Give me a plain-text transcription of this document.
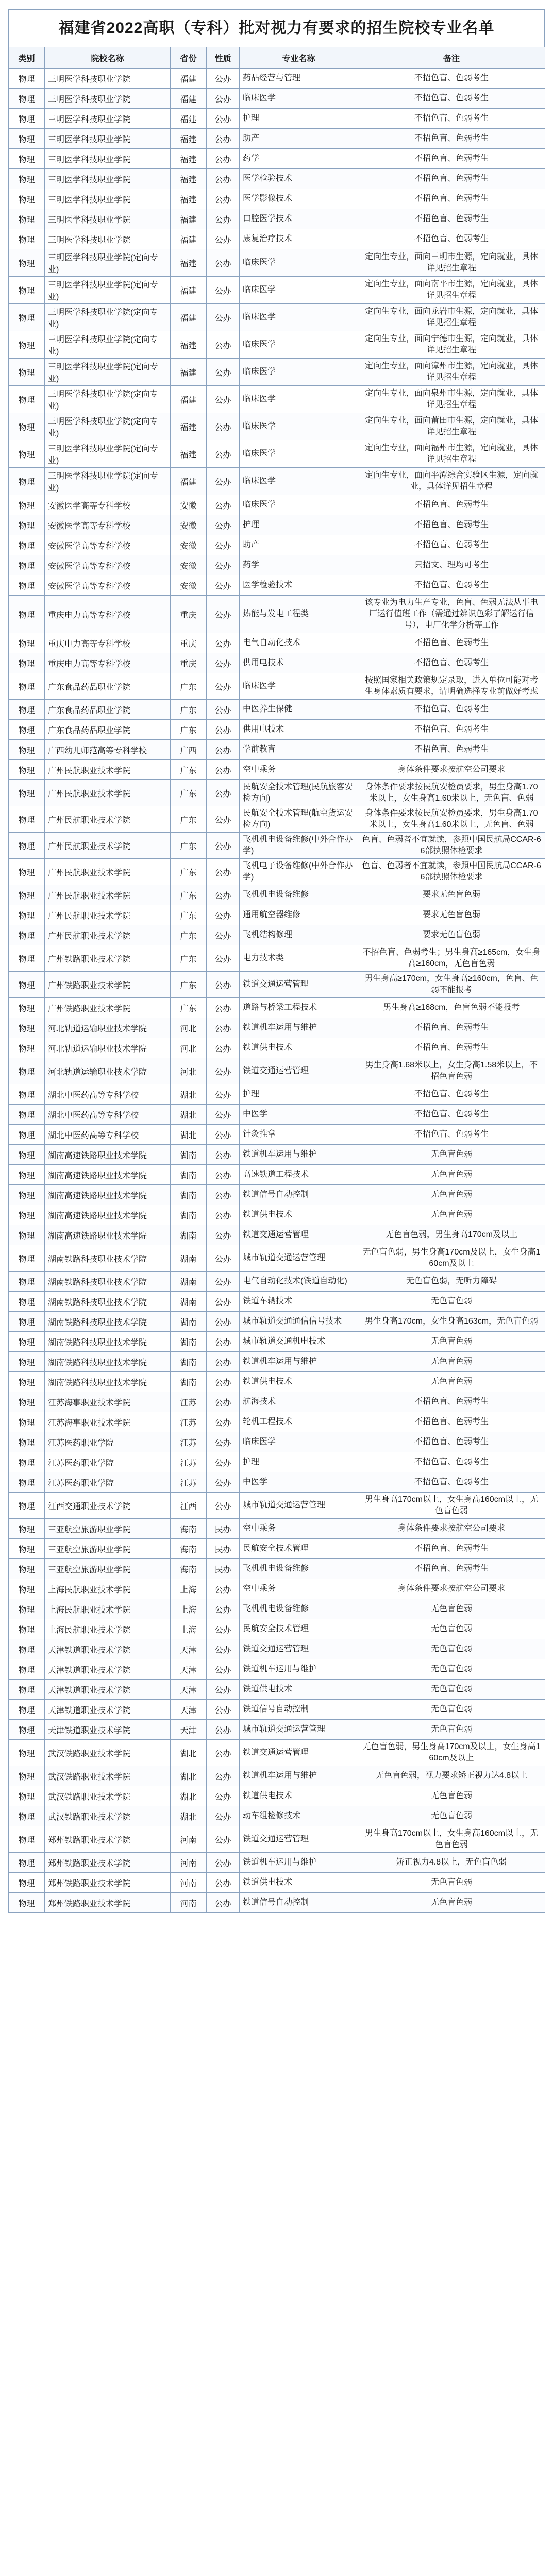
福建省2022高职（专科）批对视力有要求的招生院校专业名单
类别	院校名称	省份	性质	专业名称	备注
物理	三明医学科技职业学院	福建	公办	药品经营与管理	不招色盲、色弱考生
物理	三明医学科技职业学院	福建	公办	临床医学	不招色盲、色弱考生
物理	三明医学科技职业学院	福建	公办	护理	不招色盲、色弱考生
物理	三明医学科技职业学院	福建	公办	助产	不招色盲、色弱考生
物理	三明医学科技职业学院	福建	公办	药学	不招色盲、色弱考生
物理	三明医学科技职业学院	福建	公办	医学检验技术	不招色盲、色弱考生
物理	三明医学科技职业学院	福建	公办	医学影像技术	不招色盲、色弱考生
物理	三明医学科技职业学院	福建	公办	口腔医学技术	不招色盲、色弱考生
物理	三明医学科技职业学院	福建	公办	康复治疗技术	不招色盲、色弱考生
物理	三明医学科技职业学院(定向专业)	福建	公办	临床医学	定向生专业，面向三明市生源，定向就业，具体详见招生章程
物理	三明医学科技职业学院(定向专业)	福建	公办	临床医学	定向生专业，面向南平市生源，定向就业，具体详见招生章程
物理	三明医学科技职业学院(定向专业)	福建	公办	临床医学	定向生专业，面向龙岩市生源，定向就业，具体详见招生章程
物理	三明医学科技职业学院(定向专业)	福建	公办	临床医学	定向生专业，面向宁德市生源，定向就业，具体详见招生章程
物理	三明医学科技职业学院(定向专业)	福建	公办	临床医学	定向生专业，面向漳州市生源，定向就业，具体详见招生章程
物理	三明医学科技职业学院(定向专业)	福建	公办	临床医学	定向生专业，面向泉州市生源，定向就业，具体详见招生章程
物理	三明医学科技职业学院(定向专业)	福建	公办	临床医学	定向生专业，面向莆田市生源，定向就业，具体详见招生章程
物理	三明医学科技职业学院(定向专业)	福建	公办	临床医学	定向生专业，面向福州市生源，定向就业，具体详见招生章程
物理	三明医学科技职业学院(定向专业)	福建	公办	临床医学	定向生专业，面向平潭综合实验区生源，定向就业，具体详见招生章程
物理	安徽医学高等专科学校	安徽	公办	临床医学	不招色盲、色弱考生
物理	安徽医学高等专科学校	安徽	公办	护理	不招色盲、色弱考生
物理	安徽医学高等专科学校	安徽	公办	助产	不招色盲、色弱考生
物理	安徽医学高等专科学校	安徽	公办	药学	只招文、理均可考生
物理	安徽医学高等专科学校	安徽	公办	医学检验技术	不招色盲、色弱考生
物理	重庆电力高等专科学校	重庆	公办	热能与发电工程类	该专业为电力生产专业，色盲、色弱无法从事电厂运行值班工作（需通过辨识色彩了解运行信号），电厂化学分析等工作
物理	重庆电力高等专科学校	重庆	公办	电气自动化技术	不招色盲、色弱考生
物理	重庆电力高等专科学校	重庆	公办	供用电技术	不招色盲、色弱考生
物理	广东食品药品职业学院	广东	公办	临床医学	按照国家相关政策规定录取，进入单位可能对考生身体素质有要求，请明确选择专业前做好考虑
物理	广东食品药品职业学院	广东	公办	中医养生保健	不招色盲、色弱考生
物理	广东食品药品职业学院	广东	公办	供用电技术	不招色盲、色弱考生
物理	广西幼儿师范高等专科学校	广西	公办	学前教育	不招色盲、色弱考生
物理	广州民航职业技术学院	广东	公办	空中乘务	身体条件要求按航空公司要求
物理	广州民航职业技术学院	广东	公办	民航安全技术管理(民航旅客安检方向)	身体条件要求按民航安检员要求，男生身高1.70米以上，女生身高1.60米以上，无色盲、色弱
物理	广州民航职业技术学院	广东	公办	民航安全技术管理(航空货运安检方向)	身体条件要求按民航安检员要求，男生身高1.70米以上，女生身高1.60米以上，无色盲、色弱
物理	广州民航职业技术学院	广东	公办	飞机机电设备维修(中外合作办学)	色盲、色弱者不宜就读，参照中国民航局CCAR-66部执照体检要求
物理	广州民航职业技术学院	广东	公办	飞机电子设备维修(中外合作办学)	色盲、色弱者不宜就读，参照中国民航局CCAR-66部执照体检要求
物理	广州民航职业技术学院	广东	公办	飞机机电设备维修	要求无色盲色弱
物理	广州民航职业技术学院	广东	公办	通用航空器维修	要求无色盲色弱
物理	广州民航职业技术学院	广东	公办	飞机结构修理	要求无色盲色弱
物理	广州铁路职业技术学院	广东	公办	电力技术类	不招色盲、色弱考生；男生身高≥165cm，女生身高≥160cm，无色盲色弱
物理	广州铁路职业技术学院	广东	公办	铁道交通运营管理	男生身高≥170cm，女生身高≥160cm，色盲、色弱不能报考
物理	广州铁路职业技术学院	广东	公办	道路与桥梁工程技术	男生身高≥168cm，色盲色弱不能报考
物理	河北轨道运输职业技术学院	河北	公办	铁道机车运用与维护	不招色盲、色弱考生
物理	河北轨道运输职业技术学院	河北	公办	铁道供电技术	不招色盲、色弱考生
物理	河北轨道运输职业技术学院	河北	公办	铁道交通运营管理	男生身高1.68米以上，女生身高1.58米以上，不招色盲色弱
物理	湖北中医药高等专科学校	湖北	公办	护理	不招色盲、色弱考生
物理	湖北中医药高等专科学校	湖北	公办	中医学	不招色盲、色弱考生
物理	湖北中医药高等专科学校	湖北	公办	针灸推拿	不招色盲、色弱考生
物理	湖南高速铁路职业技术学院	湖南	公办	铁道机车运用与维护	无色盲色弱
物理	湖南高速铁路职业技术学院	湖南	公办	高速铁道工程技术	无色盲色弱
物理	湖南高速铁路职业技术学院	湖南	公办	铁道信号自动控制	无色盲色弱
物理	湖南高速铁路职业技术学院	湖南	公办	铁道供电技术	无色盲色弱
物理	湖南高速铁路职业技术学院	湖南	公办	铁道交通运营管理	无色盲色弱，男生身高170cm及以上
物理	湖南铁路科技职业技术学院	湖南	公办	城市轨道交通运营管理	无色盲色弱，男生身高170cm及以上，女生身高160cm及以上
物理	湖南铁路科技职业技术学院	湖南	公办	电气自动化技术(铁道自动化)	无色盲色弱，无听力障碍
物理	湖南铁路科技职业技术学院	湖南	公办	铁道车辆技术	无色盲色弱
物理	湖南铁路科技职业技术学院	湖南	公办	城市轨道交通通信信号技术	男生身高170cm，女生身高163cm，无色盲色弱
物理	湖南铁路科技职业技术学院	湖南	公办	城市轨道交通机电技术	无色盲色弱
物理	湖南铁路科技职业技术学院	湖南	公办	铁道机车运用与维护	无色盲色弱
物理	湖南铁路科技职业技术学院	湖南	公办	铁道供电技术	无色盲色弱
物理	江苏海事职业技术学院	江苏	公办	航海技术	不招色盲、色弱考生
物理	江苏海事职业技术学院	江苏	公办	轮机工程技术	不招色盲、色弱考生
物理	江苏医药职业学院	江苏	公办	临床医学	不招色盲、色弱考生
物理	江苏医药职业学院	江苏	公办	护理	不招色盲、色弱考生
物理	江苏医药职业学院	江苏	公办	中医学	不招色盲、色弱考生
物理	江西交通职业技术学院	江西	公办	城市轨道交通运营管理	男生身高170cm以上，女生身高160cm以上，无色盲色弱
物理	三亚航空旅游职业学院	海南	民办	空中乘务	身体条件要求按航空公司要求
物理	三亚航空旅游职业学院	海南	民办	民航安全技术管理	不招色盲、色弱考生
物理	三亚航空旅游职业学院	海南	民办	飞机机电设备维修	不招色盲、色弱考生
物理	上海民航职业技术学院	上海	公办	空中乘务	身体条件要求按航空公司要求
物理	上海民航职业技术学院	上海	公办	飞机机电设备维修	无色盲色弱
物理	上海民航职业技术学院	上海	公办	民航安全技术管理	无色盲色弱
物理	天津铁道职业技术学院	天津	公办	铁道交通运营管理	无色盲色弱
物理	天津铁道职业技术学院	天津	公办	铁道机车运用与维护	无色盲色弱
物理	天津铁道职业技术学院	天津	公办	铁道供电技术	无色盲色弱
物理	天津铁道职业技术学院	天津	公办	铁道信号自动控制	无色盲色弱
物理	天津铁道职业技术学院	天津	公办	城市轨道交通运营管理	无色盲色弱
物理	武汉铁路职业技术学院	湖北	公办	铁道交通运营管理	无色盲色弱，男生身高170cm及以上，女生身高160cm及以上
物理	武汉铁路职业技术学院	湖北	公办	铁道机车运用与维护	无色盲色弱，视力要求矫正视力达4.8以上
物理	武汉铁路职业技术学院	湖北	公办	铁道供电技术	无色盲色弱
物理	武汉铁路职业技术学院	湖北	公办	动车组检修技术	无色盲色弱
物理	郑州铁路职业技术学院	河南	公办	铁道交通运营管理	男生身高170cm以上，女生身高160cm以上，无色盲色弱
物理	郑州铁路职业技术学院	河南	公办	铁道机车运用与维护	矫正视力4.8以上，无色盲色弱
物理	郑州铁路职业技术学院	河南	公办	铁道供电技术	无色盲色弱
物理	郑州铁路职业技术学院	河南	公办	铁道信号自动控制	无色盲色弱
